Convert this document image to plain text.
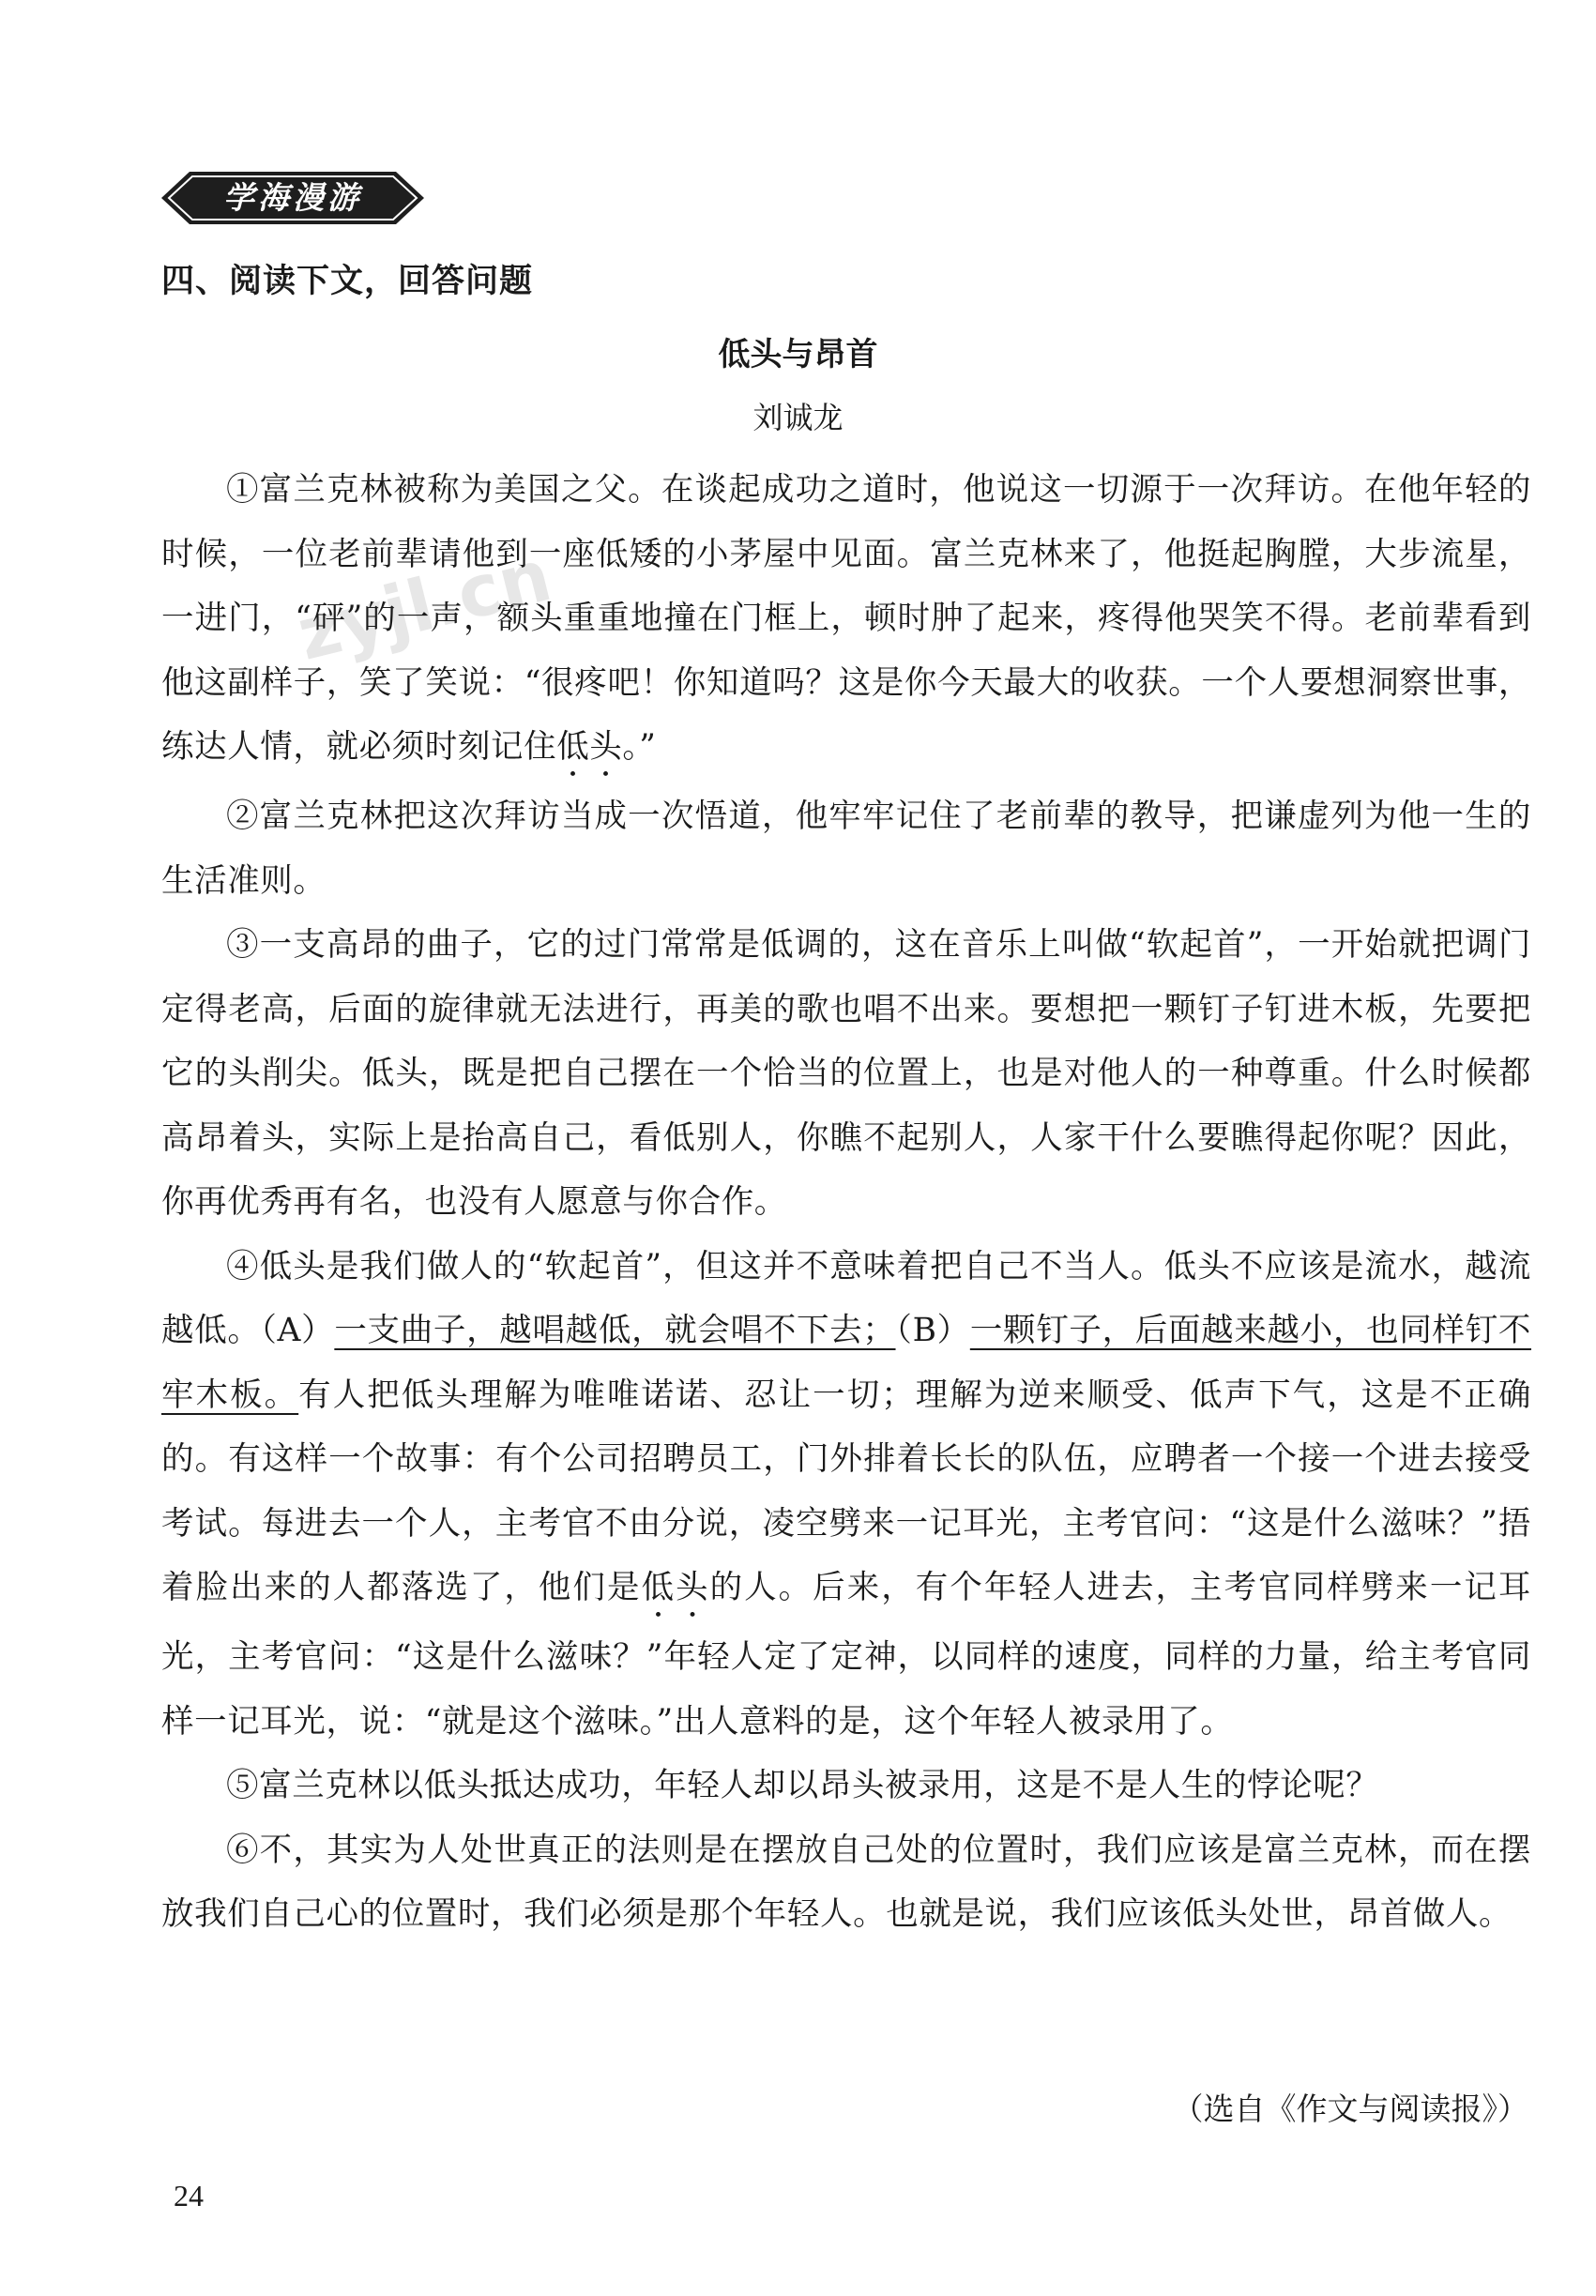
zyjl.cn
学海漫游
四、阅读下文，回答问题
低头与昂首
刘诚龙

①富兰克林被称为美国之父。在谈起成功之道时，他说这一切源于一次拜访。在他年轻的时候，一位老前辈请他到一座低矮的小茅屋中见面。富兰克林来了，他挺起胸膛，大步流星，一进门，“砰”的一声，额头重重地撞在门框上，顿时肿了起来，疼得他哭笑不得。老前辈看到他这副样子，笑了笑说：“很疼吧！你知道吗？这是你今天最大的收获。一个人要想洞察世事，练达人情，就必须时刻记住低头。”

②富兰克林把这次拜访当成一次悟道，他牢牢记住了老前辈的教导，把谦虚列为他一生的生活准则。

③一支高昂的曲子，它的过门常常是低调的，这在音乐上叫做“软起首”，一开始就把调门定得老高，后面的旋律就无法进行，再美的歌也唱不出来。要想把一颗钉子钉进木板，先要把它的头削尖。低头，既是把自己摆在一个恰当的位置上，也是对他人的一种尊重。什么时候都高昂着头，实际上是抬高自己，看低别人，你瞧不起别人，人家干什么要瞧得起你呢？因此，你再优秀再有名，也没有人愿意与你合作。

④低头是我们做人的“软起首”，但这并不意味着把自己不当人。低头不应该是流水，越流越低。（A）一支曲子，越唱越低，就会唱不下去；（B）一颗钉子，后面越来越小，也同样钉不牢木板。有人把低头理解为唯唯诺诺、忍让一切；理解为逆来顺受、低声下气，这是不正确的。有这样一个故事：有个公司招聘员工，门外排着长长的队伍，应聘者一个接一个进去接受考试。每进去一个人，主考官不由分说，凌空劈来一记耳光，主考官问：“这是什么滋味？”捂着脸出来的人都落选了，他们是低头的人。后来，有个年轻人进去，主考官同样劈来一记耳光，主考官问：“这是什么滋味？”年轻人定了定神，以同样的速度，同样的力量，给主考官同样一记耳光，说：“就是这个滋味。”出人意料的是，这个年轻人被录用了。

⑤富兰克林以低头抵达成功，年轻人却以昂头被录用，这是不是人生的悖论呢？

⑥不，其实为人处世真正的法则是在摆放自己处的位置时，我们应该是富兰克林，而在摆放我们自己心的位置时，我们必须是那个年轻人。也就是说，我们应该低头处世，昂首做人。

（选自《作文与阅读报》）
24
